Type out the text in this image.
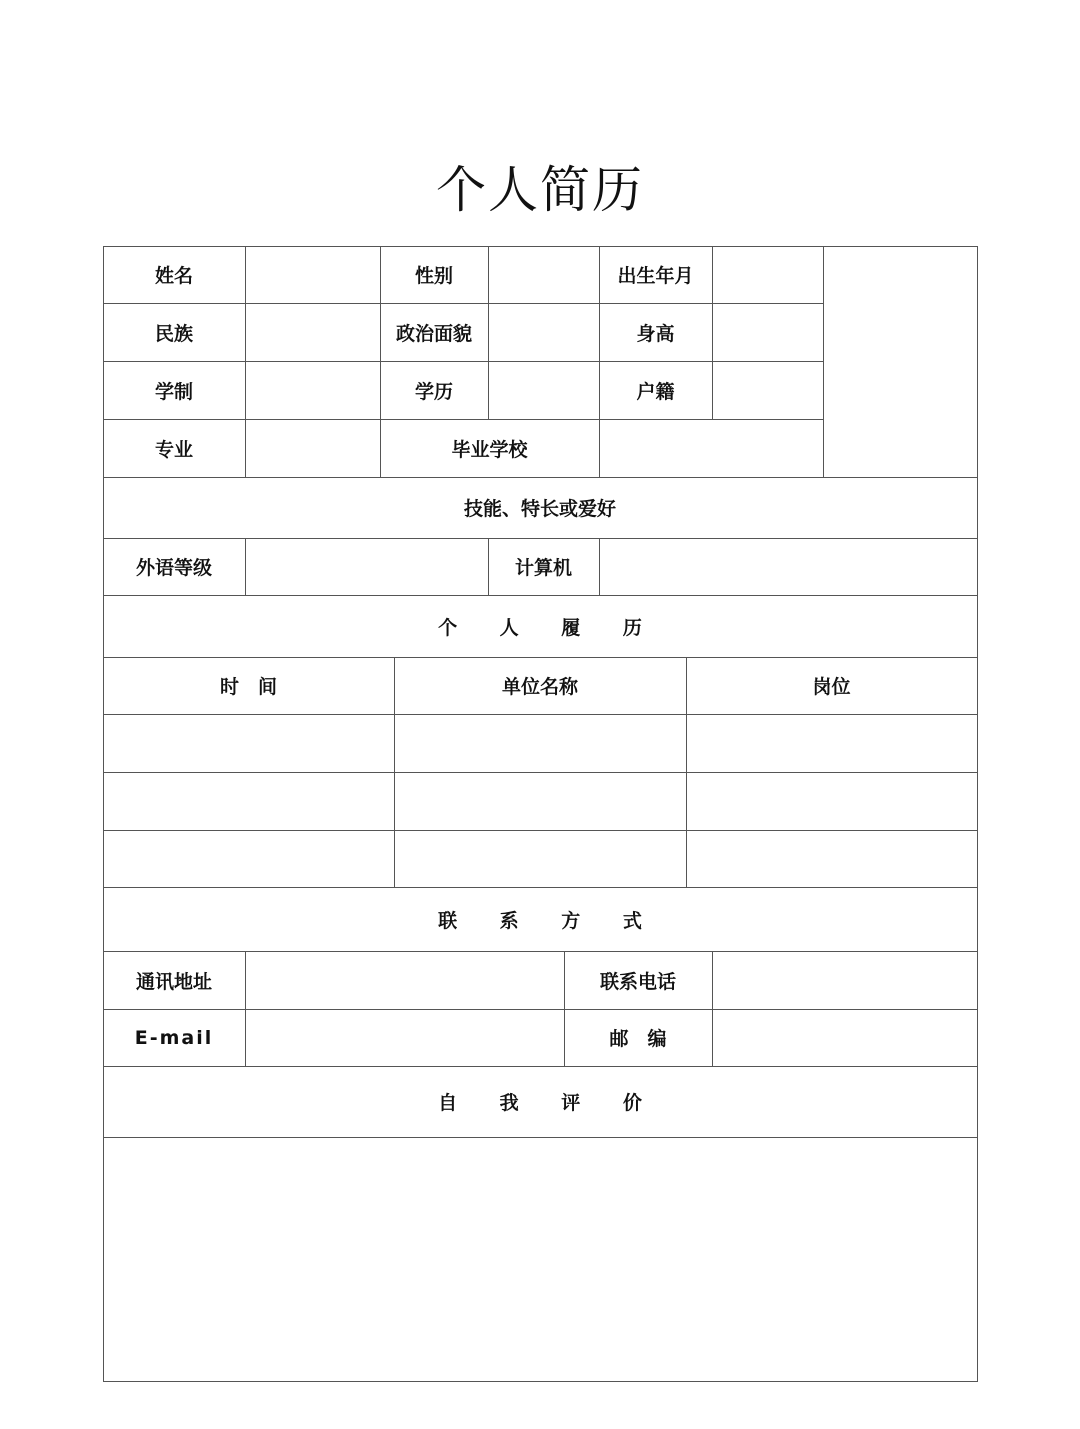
个人简历
姓名	性别	出生年月
民族	政治面貌	身高
学制	学历	户籍
专业	毕业学校
技能、特长或爱好
外语等级	计算机
个 人 履 历
时　间	单位名称	岗位
联 系 方 式
通讯地址	联系电话
E-mail	邮　编
自 我 评 价
